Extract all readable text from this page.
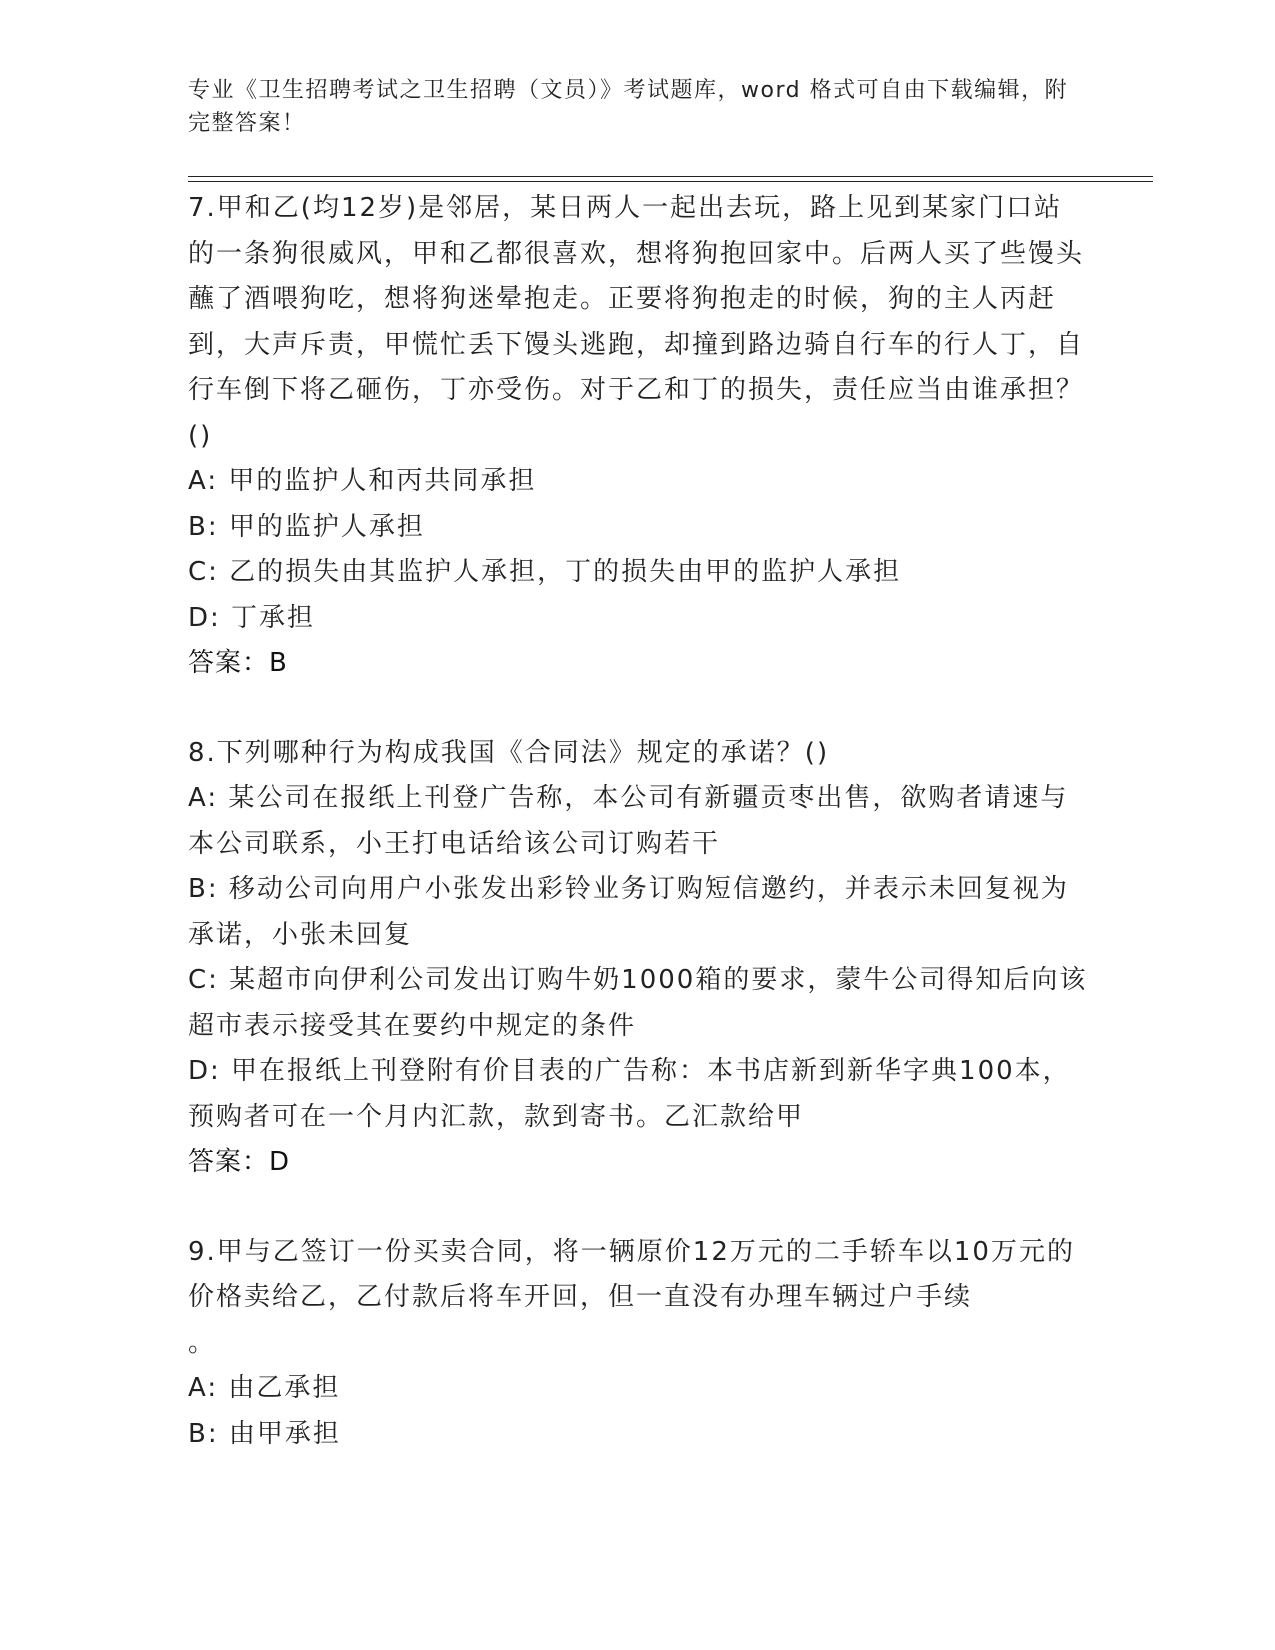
专业《卫生招聘考试之卫生招聘（文员）》考试题库，word 格式可自由下载编辑，附完整答案！

7.甲和乙(均12岁)是邻居，某日两人一起出去玩，路上见到某家门口站的一条狗很威风，甲和乙都很喜欢，想将狗抱回家中。后两人买了些馒头蘸了酒喂狗吃，想将狗迷晕抱走。正要将狗抱走的时候，狗的主人丙赶到，大声斥责，甲慌忙丢下馒头逃跑，却撞到路边骑自行车的行人丁，自行车倒下将乙砸伤，丁亦受伤。对于乙和丁的损失，责任应当由谁承担？()

A: 甲的监护人和丙共同承担

B: 甲的监护人承担

C: 乙的损失由其监护人承担，丁的损失由甲的监护人承担

D: 丁承担

答案：B

8.下列哪种行为构成我国《合同法》规定的承诺？()

A: 某公司在报纸上刊登广告称，本公司有新疆贡枣出售，欲购者请速与本公司联系，小王打电话给该公司订购若干

B: 移动公司向用户小张发出彩铃业务订购短信邀约，并表示未回复视为承诺，小张未回复

C: 某超市向伊利公司发出订购牛奶1000箱的要求，蒙牛公司得知后向该超市表示接受其在要约中规定的条件

D: 甲在报纸上刊登附有价目表的广告称：本书店新到新华字典100本，预购者可在一个月内汇款，款到寄书。乙汇款给甲

答案：D

9.甲与乙签订一份买卖合同，将一辆原价12万元的二手轿车以10万元的价格卖给乙，乙付款后将车开回，但一直没有办理车辆过户手续

。

A: 由乙承担

B: 由甲承担
